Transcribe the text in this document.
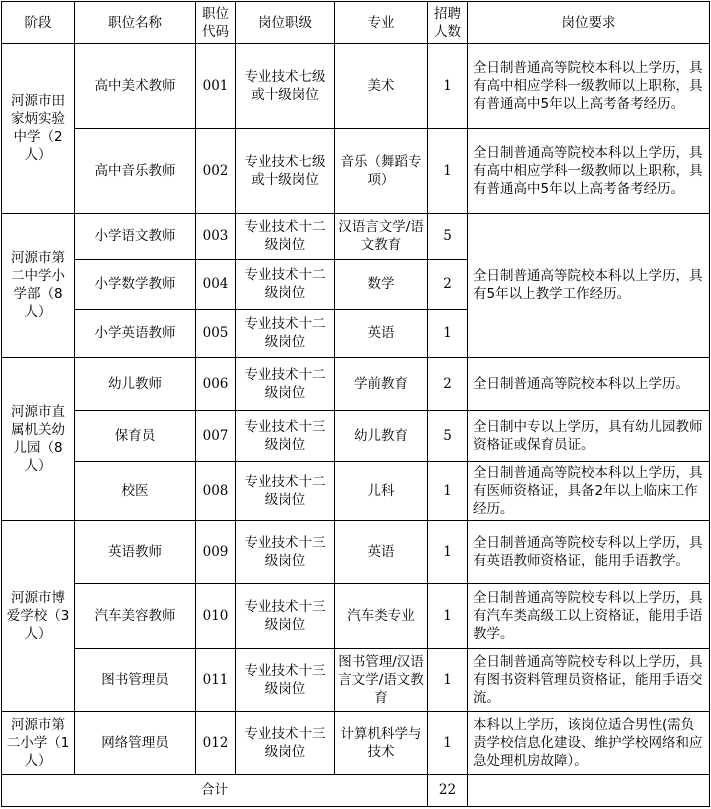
阶段	职位名称	职位代码	岗位职级	专业	招聘人数	岗位要求
河源市田家炳实验中学（2人）	高中美术教师	001	专业技术七级或十级岗位	美术	1	全日制普通高等院校本科以上学历，具有高中相应学科一级教师以上职称，具有普通高中5年以上高考备考经历。
	高中音乐教师	002	专业技术七级或十级岗位	音乐（舞蹈专项）	1	全日制普通高等院校本科以上学历，具有高中相应学科一级教师以上职称，具有普通高中5年以上高考备考经历。
河源市第二中学小学部（8人）	小学语文教师	003	专业技术十二级岗位	汉语言文学/语文教育	5	全日制普通高等院校本科以上学历，具有5年以上教学工作经历。
	小学数学教师	004	专业技术十二级岗位	数学	2	
	小学英语教师	005	专业技术十二级岗位	英语	1	
河源市直属机关幼儿园（8人）	幼儿教师	006	专业技术十二级岗位	学前教育	2	全日制普通高等院校本科以上学历。
	保育员	007	专业技术十三级岗位	幼儿教育	5	全日制中专以上学历，具有幼儿园教师资格证或保育员证。
	校医	008	专业技术十二级岗位	儿科	1	全日制普通高等院校本科以上学历，具有医师资格证，具备2年以上临床工作经历。
河源市博爱学校（3人）	英语教师	009	专业技术十三级岗位	英语	1	全日制普通高等院校专科以上学历，具有英语教师资格证，能用手语教学。
	汽车美容教师	010	专业技术十三级岗位	汽车类专业	1	全日制普通高等院校专科以上学历，具有汽车类高级工以上资格证，能用手语教学。
	图书管理员	011	专业技术十三级岗位	图书管理/汉语言文学/语文教育	1	全日制普通高等院校专科以上学历，具有图书资料管理员资格证，能用手语交流。
河源市第二小学（1人）	网络管理员	012	专业技术十三级岗位	计算机科学与技术	1	本科以上学历，该岗位适合男性(需负责学校信息化建设、维护学校网络和应急处理机房故障）。
合计					22	
